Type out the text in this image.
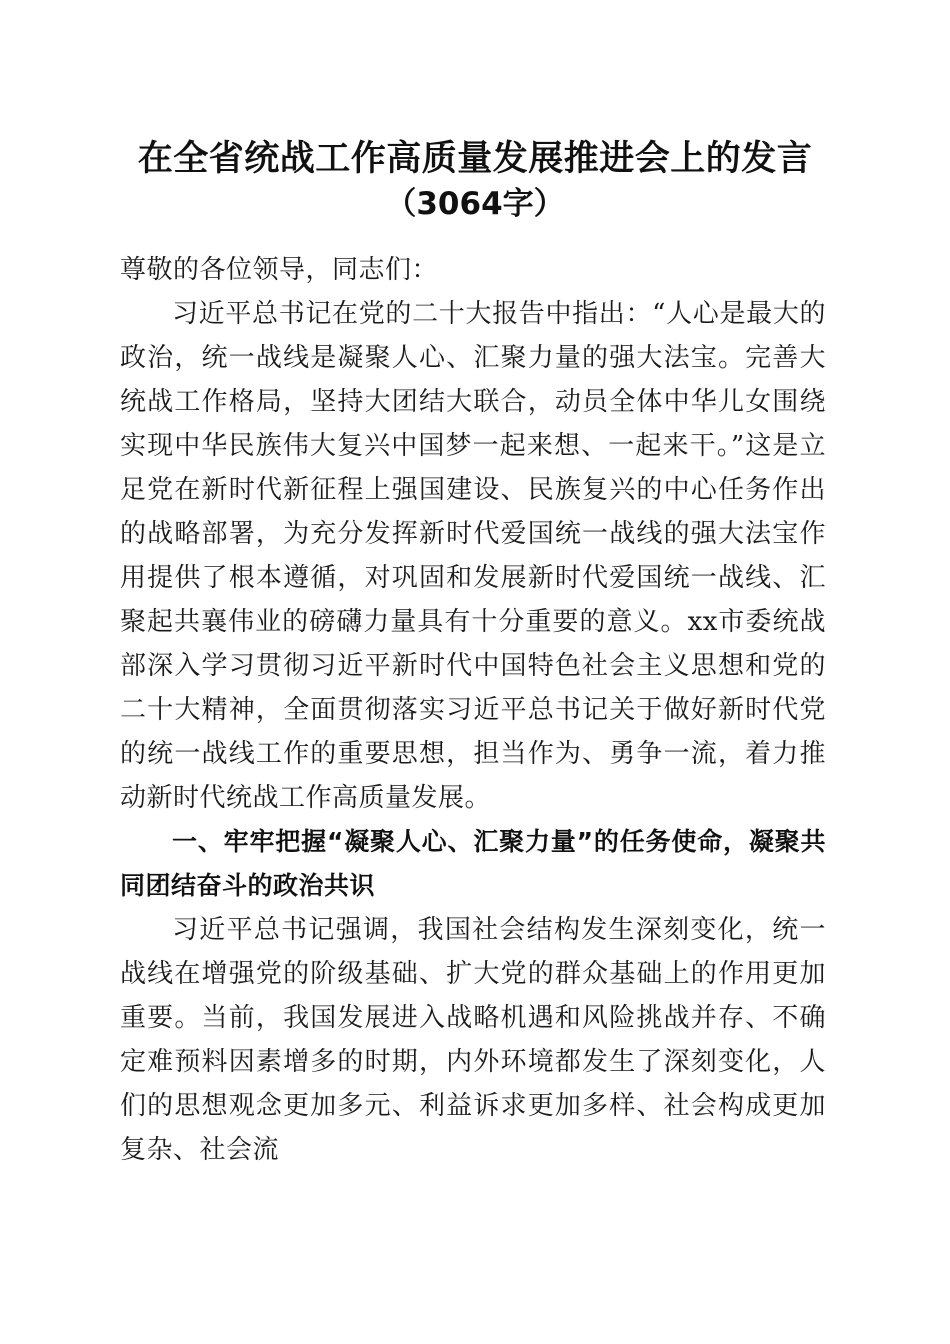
在全省统战工作高质量发展推进会上的发言
（3064字）

尊敬的各位领导，同志们：

习近平总书记在党的二十大报告中指出：“人心是最大的政治，统一战线是凝聚人心、汇聚力量的强大法宝。完善大统战工作格局，坚持大团结大联合，动员全体中华儿女围绕实现中华民族伟大复兴中国梦一起来想、一起来干。”这是立足党在新时代新征程上强国建设、民族复兴的中心任务作出的战略部署，为充分发挥新时代爱国统一战线的强大法宝作用提供了根本遵循，对巩固和发展新时代爱国统一战线、汇聚起共襄伟业的磅礴力量具有十分重要的意义。xx市委统战部深入学习贯彻习近平新时代中国特色社会主义思想和党的二十大精神，全面贯彻落实习近平总书记关于做好新时代党的统一战线工作的重要思想，担当作为、勇争一流，着力推动新时代统战工作高质量发展。

一、牢牢把握“凝聚人心、汇聚力量”的任务使命，凝聚共同团结奋斗的政治共识

习近平总书记强调，我国社会结构发生深刻变化，统一战线在增强党的阶级基础、扩大党的群众基础上的作用更加重要。当前，我国发展进入战略机遇和风险挑战并存、不确定难预料因素增多的时期，内外环境都发生了深刻变化，人们的思想观念更加多元、利益诉求更加多样、社会构成更加复杂、社会流
